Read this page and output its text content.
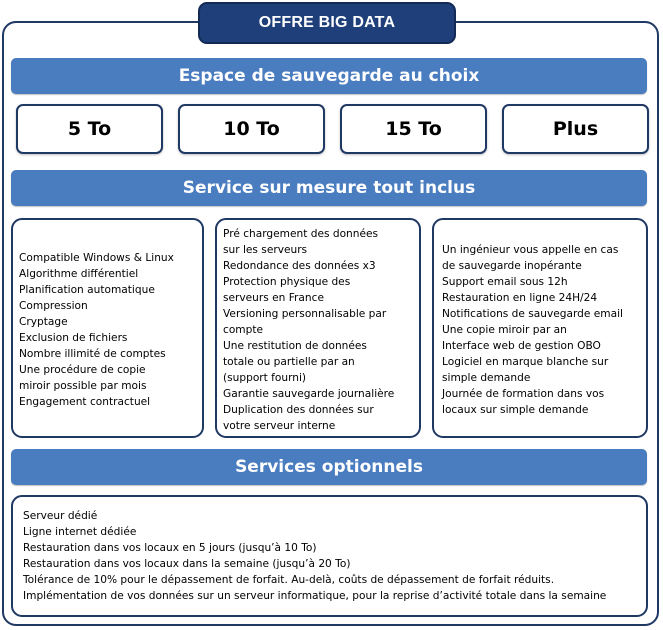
OFFRE BIG DATA
Espace de sauvegarde au choix
5 To	10 To	15 To	Plus
Service sur mesure tout inclus
Compatible Windows & Linux
Algorithme différentiel
Planification automatique
Compression
Cryptage
Exclusion de fichiers
Nombre illimité de comptes
Une procédure de copie
miroir possible par mois
Engagement contractuel
Pré chargement des données
sur les serveurs
Redondance des données x3
Protection physique des
serveurs en France
Versioning personnalisable par
compte
Une restitution de données
totale ou partielle par an
(support fourni)
Garantie sauvegarde journalière
Duplication des données sur
votre serveur interne
Un ingénieur vous appelle en cas
de sauvegarde inopérante
Support email sous 12h
Restauration en ligne 24H/24
Notifications de sauvegarde email
Une copie miroir par an
Interface web de gestion OBO
Logiciel en marque blanche sur
simple demande
Journée de formation dans vos
locaux sur simple demande
Services optionnels
Serveur dédié
Ligne internet dédiée
Restauration dans vos locaux en 5 jours (jusqu’à 10 To)
Restauration dans vos locaux dans la semaine (jusqu’à 20 To)
Tolérance de 10% pour le dépassement de forfait. Au-delà, coûts de dépassement de forfait réduits.
Implémentation de vos données sur un serveur informatique, pour la reprise d’activité totale dans la semaine
